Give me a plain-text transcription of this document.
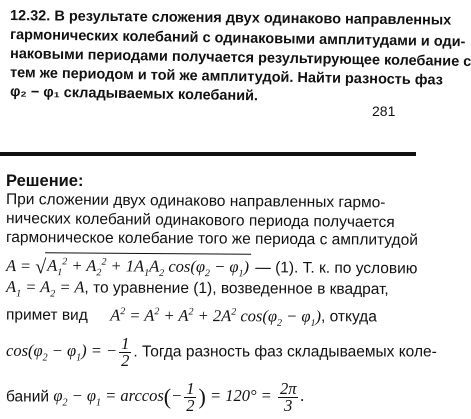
12.32. В результате сложения двух одинаково направленных
гармонических колебаний с одинаковыми амплитудами и оди-
наковыми периодами получается результирующее колебание с
тем же периодом и той же амплитудой. Найти разность фаз
φ₂ − φ₁ складываемых колебаний.
281
Решение:
При сложении двух одинаково направленных гармо-
нических колебаний одинакового периода получается
гармоническое колебание того же периода с амплитудой
$A = √A_1^2 + A_2^2 + 1A_1A_2$ $\cos(\varphi_2 - \varphi_1)$ — (1). Т. к. по условию
$A_1 = A_2 = A$, то уравнение (1), возведенное в квадрат,
примет вид $A^2 = A^2 + A^2 + 2A^2$ $\cos(\varphi_2 - \varphi_1)$, откуда
$\cos(\varphi_2 - \varphi_1)$ = − $\frac{1}{2}$ . Тогда разность фаз складываемых коле-
баний $\varphi_2 - \varphi_1 = \arccos(- \frac{1}{2}$ ) = $120^\circ = \frac{2\pi}{3}$ .
